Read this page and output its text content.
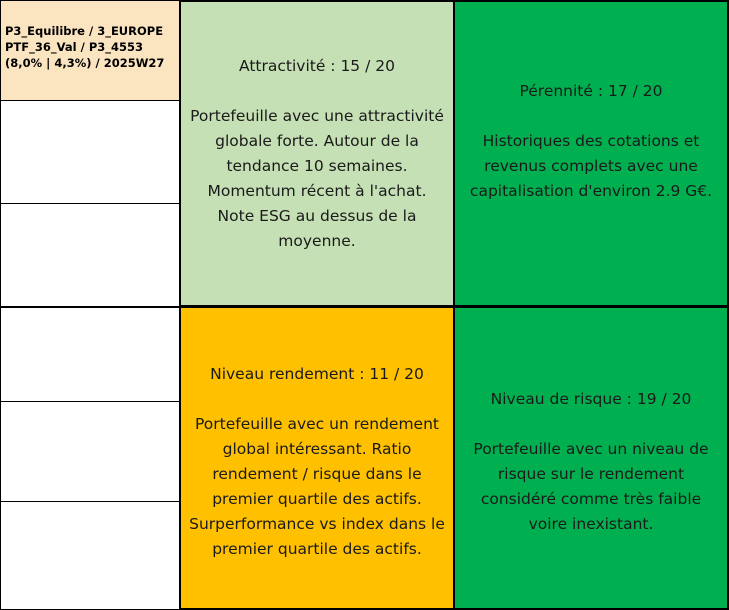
P3_Equilibre / 3_EUROPE
PTF_36_Val / P3_4553
(8,0% | 4,3%) / 2025W27	Attractivité : 15 / 20
Portefeuille avec une attractivité globale forte. Autour de la tendance 10 semaines. Momentum récent à l'achat. Note ESG au dessus de la moyenne.
Pérennité : 17 / 20
Historiques des cotations et revenus complets avec une capitalisation d'environ 2.9 G€.
Niveau rendement : 11 / 20
Portefeuille avec un rendement global intéressant. Ratio rendement / risque dans le premier quartile des actifs. Surperformance vs index dans le premier quartile des actifs.
Niveau de risque : 19 / 20
Portefeuille avec un niveau de risque sur le rendement considéré comme très faible voire inexistant.
